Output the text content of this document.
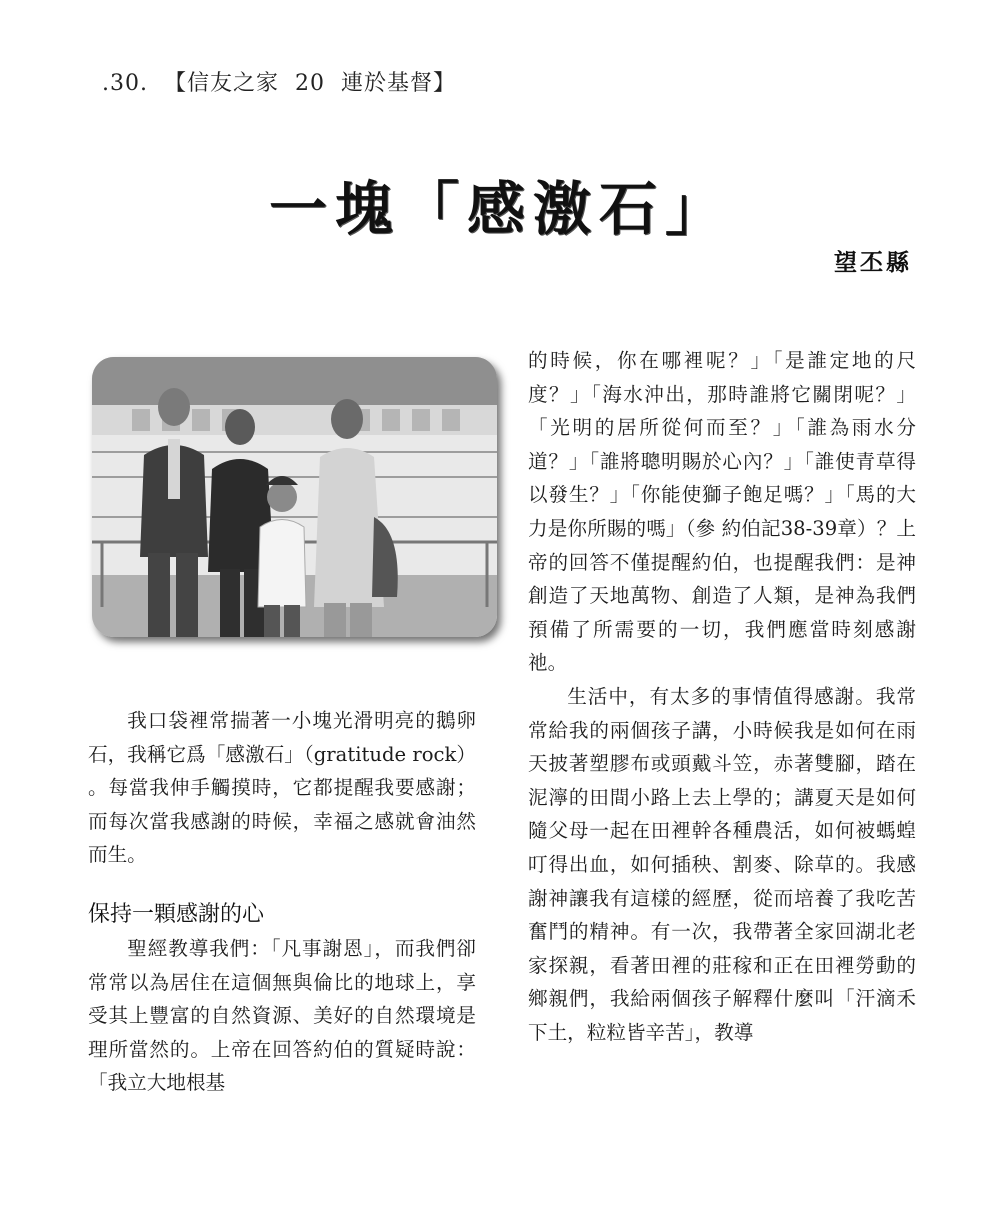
.30. 【信友之家 20 連於基督】
一塊「感激石」
望丕縣

我口袋裡常揣著一小塊光滑明亮的鵝卵石，我稱它爲「感激石」（gratitude rock） 。每當我伸手觸摸時，它都提醒我要感謝；而每次當我感謝的時候，幸福之感就會油然而生。

保持一顆感謝的心

聖經教導我們：「凡事謝恩」，而我們卻常常以為居住在這個無與倫比的地球上，享受其上豐富的自然資源、美好的自然環境是理所當然的。上帝在回答約伯的質疑時說：「我立大地根基

的時候，你在哪裡呢？」「是誰定地的尺度？」「海水沖出，那時誰將它關閉呢？」「光明的居所從何而至？」「誰為雨水分道？」「誰將聰明賜於心內？」「誰使青草得以發生？」「你能使獅子飽足嗎？」「馬的大力是你所賜的嗎」（參 約伯記38-39章）？上帝的回答不僅提醒約伯，也提醒我們：是神創造了天地萬物、創造了人類，是神為我們預備了所需要的一切，我們應當時刻感謝祂。

生活中，有太多的事情值得感謝。我常常給我的兩個孩子講，小時候我是如何在雨天披著塑膠布或頭戴斗笠，赤著雙腳，踏在泥濘的田間小路上去上學的；講夏天是如何隨父母一起在田裡幹各種農活，如何被螞蝗叮得出血，如何插秧、割麥、除草的。我感謝神讓我有這樣的經歷，從而培養了我吃苦奮鬥的精神。有一次，我帶著全家回湖北老家探親，看著田裡的莊稼和正在田裡勞動的鄉親們，我給兩個孩子解釋什麼叫「汗滴禾下土，粒粒皆辛苦」，教導
